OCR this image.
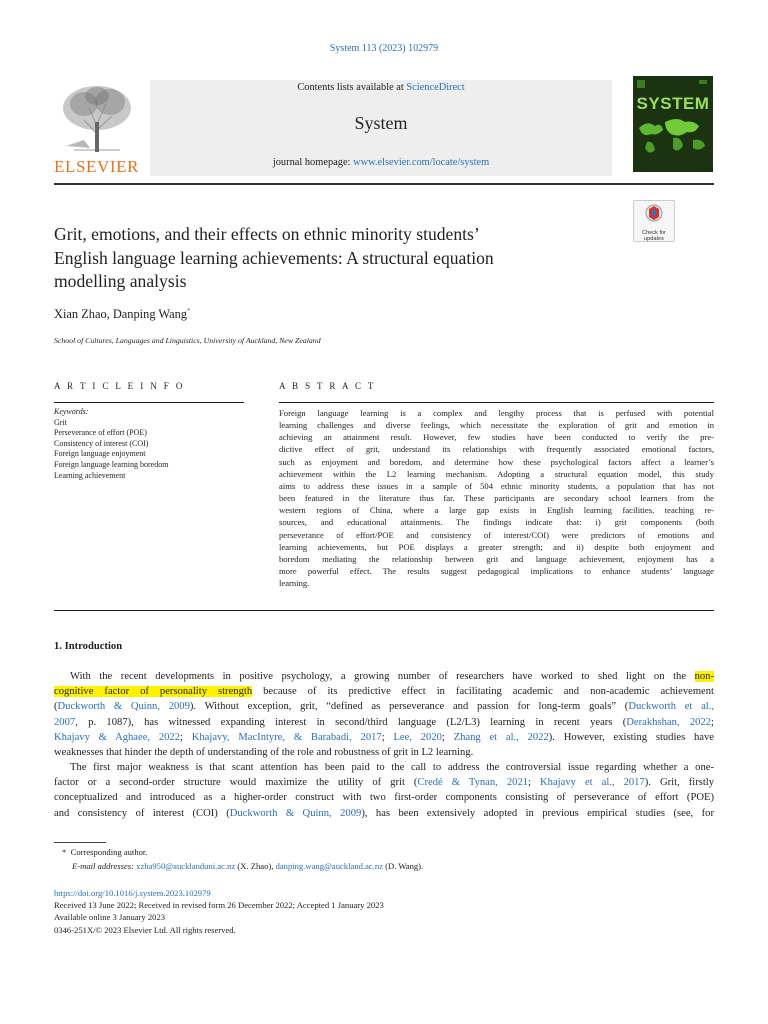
System 113 (2023) 102979
ELSEVIER
Contents lists available at ScienceDirect
System
journal homepage: www.elsevier.com/locate/system
SYSTEM
Check for
updates
Grit, emotions, and their effects on ethnic minority students’
English language learning achievements: A structural equation
modelling analysis
Xian Zhao, Danping Wang*
School of Cultures, Languages and Linguistics, University of Auckland, New Zealand
A R T I C L E I N F O
Keywords:
Grit
Perseverance of effort (POE)
Consistency of interest (COI)
Foreign language enjoyment
Foreign language learning boredom
Learning achievement
A B S T R A C T
Foreign language learning is a complex and lengthy process that is perfused with potential
learning challenges and diverse feelings, which necessitate the exploration of grit and emotion in
achieving an attainment result. However, few studies have been conducted to verify the pre-
dictive effect of grit, understand its relationships with frequently associated emotional factors,
such as enjoyment and boredom, and determine how these psychological factors affect a learner’s
achievement within the L2 learning mechanism. Adopting a structural equation model, this study
aims to address these issues in a sample of 504 ethnic minority students, a population that has not
been featured in the literature thus far. These participants are secondary school learners from the
western regions of China, where a large gap exists in English learning facilities, teaching re-
sources, and educational attainments. The findings indicate that: i) grit components (both
perseverance of effort/POE and consistency of interest/COI) were predictors of emotions and
learning achievements, but POE displays a greater strength; and ii) despite both enjoyment and
boredom mediating the relationship between grit and language achievement, enjoyment has a
more powerful effect. The results suggest pedagogical implications to enhance students’ language
learning.
1. Introduction
With the recent developments in positive psychology, a growing number of researchers have worked to shed light on the non-
cognitive factor of personality strength because of its predictive effect in facilitating academic and non-academic achievement
(Duckworth & Quinn, 2009). Without exception, grit, “defined as perseverance and passion for long-term goals” (Duckworth et al.,
2007, p. 1087), has witnessed expanding interest in second/third language (L2/L3) learning in recent years (Derakhshan, 2022;
Khajavy & Aghaee, 2022; Khajavy, MacIntyre, & Barabadi, 2017; Lee, 2020; Zhang et al., 2022). However, existing studies have
weaknesses that hinder the depth of understanding of the role and robustness of grit in L2 learning.
The first major weakness is that scant attention has been paid to the call to address the controversial issue regarding whether a one-
factor or a second-order structure would maximize the utility of grit (Credé & Tynan, 2021; Khajavy et al., 2017). Grit, firstly
conceptualized and introduced as a higher-order construct with two first-order components consisting of perseverance of effort (POE)
and consistency of interest (COI) (Duckworth & Quinn, 2009), has been extensively adopted in previous empirical studies (see, for
* Corresponding author.
E-mail addresses: xzha950@aucklanduni.ac.nz (X. Zhao), danping.wang@auckland.ac.nz (D. Wang).
https://doi.org/10.1016/j.system.2023.102979
Received 13 June 2022; Received in revised form 26 December 2022; Accepted 1 January 2023
Available online 3 January 2023
0346-251X/© 2023 Elsevier Ltd. All rights reserved.
